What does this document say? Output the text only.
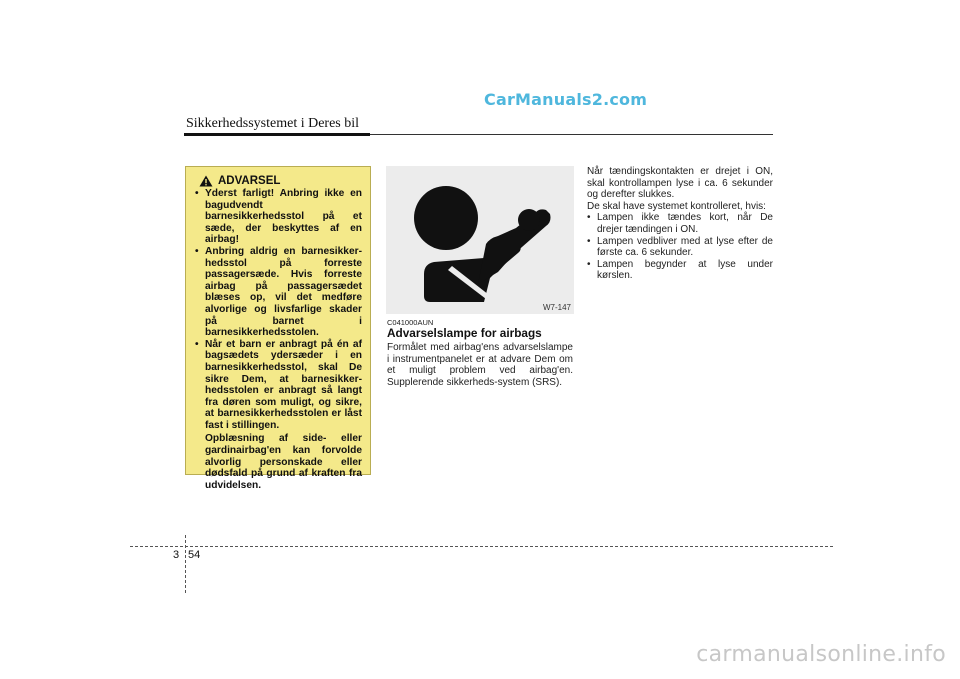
CarManuals2.com
Sikkerhedssystemet i Deres bil
ADVARSEL
• Yderst farligt! Anbring ikke en bagudvendt barnesikkerhedsstol på et sæde, der beskyttes af en airbag!
• Anbring aldrig en barnesikker-hedsstol på forreste passagersæde. Hvis forreste airbag på passagersædet blæses op, vil det medføre alvorlige og livsfarlige skader på barnet i barnesikkerhedsstolen.
• Når et barn er anbragt på én af bagsædets ydersæder i en barnesikkerhedsstol, skal De sikre Dem, at barnesikker-hedsstolen er anbragt så langt fra døren som muligt, og sikre, at barnesikkerhedsstolen er låst fast i stillingen.

Opblæsning af side- eller gardinairbag'en kan forvolde alvorlig personskade eller dødsfald på grund af kraften fra udvidelsen.

W7-147
C041000AUN
Advarselslampe for airbags

Formålet med airbag'ens advarselslampe i instrumentpanelet er at advare Dem om et muligt problem ved airbag'en. Supplerende sikkerheds-system (SRS).

Når tændingskontakten er drejet i ON, skal kontrollampen lyse i ca. 6 sekunder og derefter slukkes.

De skal have systemet kontrolleret, hvis:

• Lampen ikke tændes kort, når De drejer tændingen i ON.
• Lampen vedbliver med at lyse efter de første ca. 6 sekunder.
• Lampen begynder at lyse under kørslen.
3 54
carmanualsonline.info
